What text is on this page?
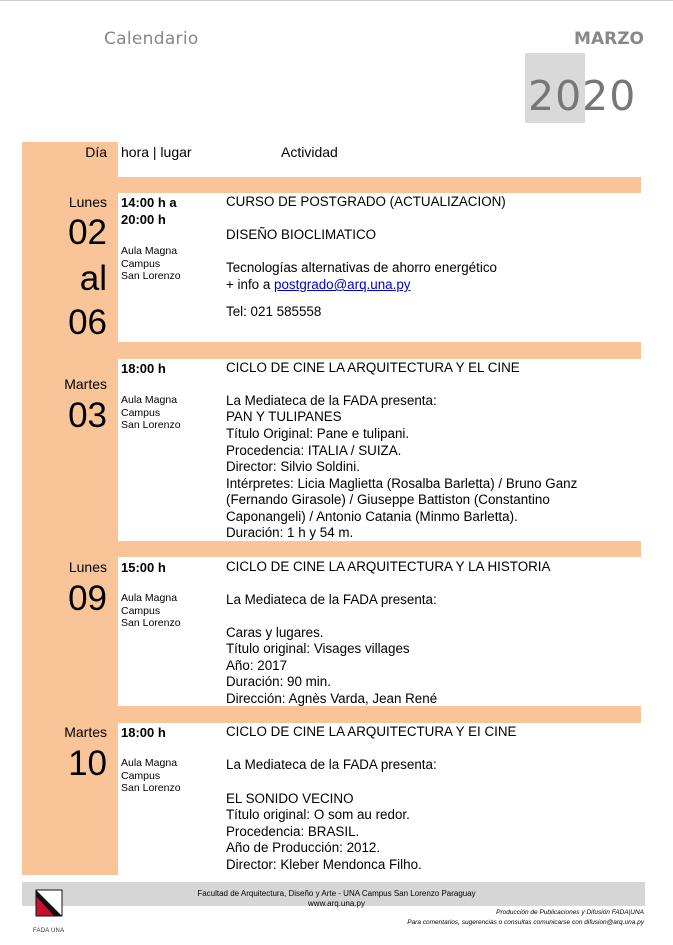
Calendario	MARZO
2020
Día hora | lugar	Actividad
Lunes
02
al
06
14:00 h a
20:00 h
Aula Magna
Campus
San Lorenzo
CURSO DE POSTGRADO (ACTUALIZACION)
DISEÑO BIOCLIMATICO
Tecnologías alternativas de ahorro energético
+ info a postgrado@arq.una.py
Tel: 021 585558
Martes
03
18:00 h
Aula Magna
Campus
San Lorenzo
CICLO DE CINE LA ARQUITECTURA Y EL CINE
La Mediateca de la FADA presenta:
PAN Y TULIPANES
Título Original: Pane e tulipani.
Procedencia: ITALIA / SUIZA.
Director: Silvio Soldini.
Intérpretes: Licia Maglietta (Rosalba Barletta) / Bruno Ganz
(Fernando Girasole) / Giuseppe Battiston (Constantino
Caponangeli) / Antonio Catania (Minmo Barletta).
Duración: 1 h y 54 m.
Lunes
09
15:00 h
Aula Magna
Campus
San Lorenzo
CICLO DE CINE LA ARQUITECTURA Y LA HISTORIA
La Mediateca de la FADA presenta:
Caras y lugares.
Título original: Visages villages
Año: 2017
Duración: 90 min.
Dirección: Agnès Varda, Jean René
Martes
10
18:00 h
Aula Magna
Campus
San Lorenzo
CICLO DE CINE LA ARQUITECTURA Y EI CINE
La Mediateca de la FADA presenta:
EL SONIDO VECINO
Título original: O som au redor.
Procedencia: BRASIL.
Año de Producción: 2012.
Director: Kleber Mendonca Filho.
Facultad de Arquitectura, Diseño y Arte - UNA Campus San Lorenzo Paraguay
www.arq.una.py
FADA UNA
Producción de Publicaciones y Difusión FADA|UNA
Para comentarios, sugerencias o consultas comunicarse con difusion@arq.una.py
